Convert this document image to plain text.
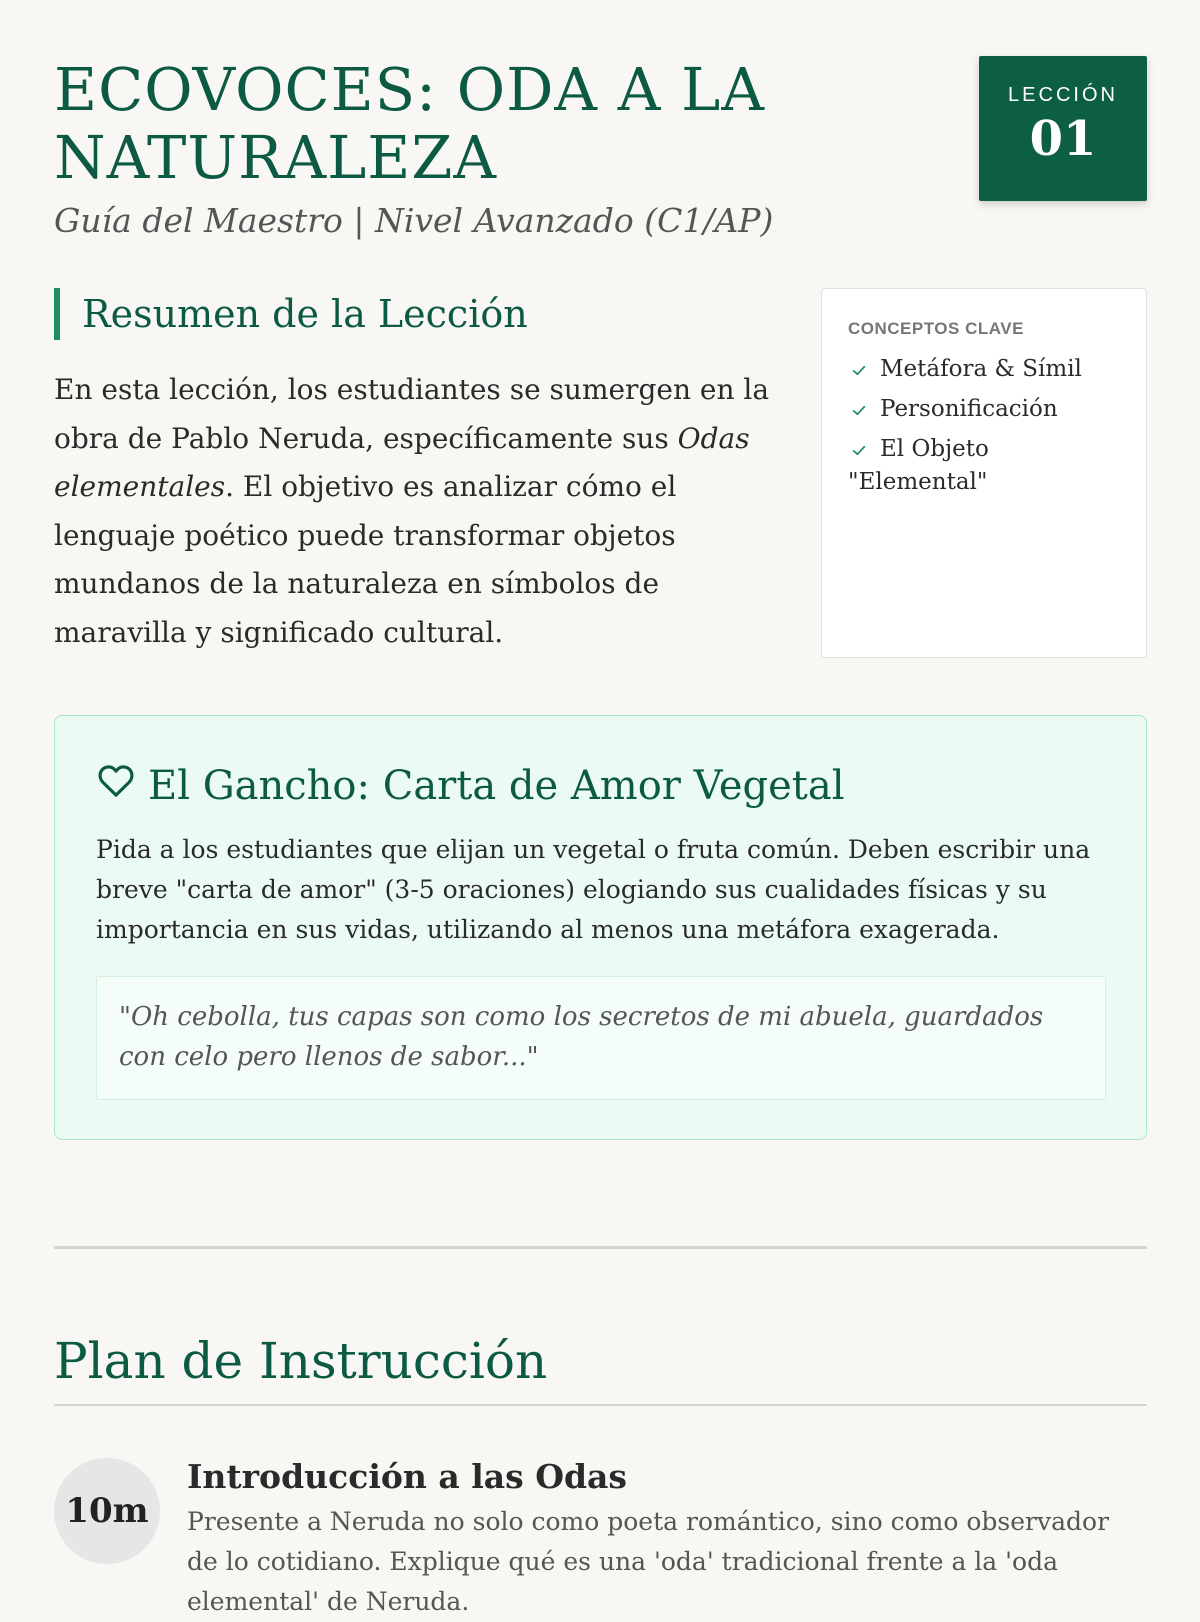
ECOVOCES: ODA A LA NATURALEZA

Guía del Maestro | Nivel Avanzado (C1/AP)

LECCIÓN
01
Resumen de la Lección

En esta lección, los estudiantes se sumergen en la obra de Pablo Neruda, específicamente sus Odas elementales. El objetivo es analizar cómo el lenguaje poético puede transformar objetos mundanos de la naturaleza en símbolos de maravilla y significado cultural.

CONCEPTOS CLAVE

Metáfora & Símil
Personificación
El Objeto "Elemental"
El Gancho: Carta de Amor Vegetal

Pida a los estudiantes que elijan un vegetal o fruta común. Deben escribir una breve "carta de amor" (3-5 oraciones) elogiando sus cualidades físicas y su importancia en sus vidas, utilizando al menos una metáfora exagerada.

"Oh cebolla, tus capas son como los secretos de mi abuela, guardados con celo pero llenos de sabor..."

Plan de Instrucción
10m
Introducción a las Odas

Presente a Neruda no solo como poeta romántico, sino como observador de lo cotidiano. Explique qué es una 'oda' tradicional frente a la 'oda elemental' de Neruda.
